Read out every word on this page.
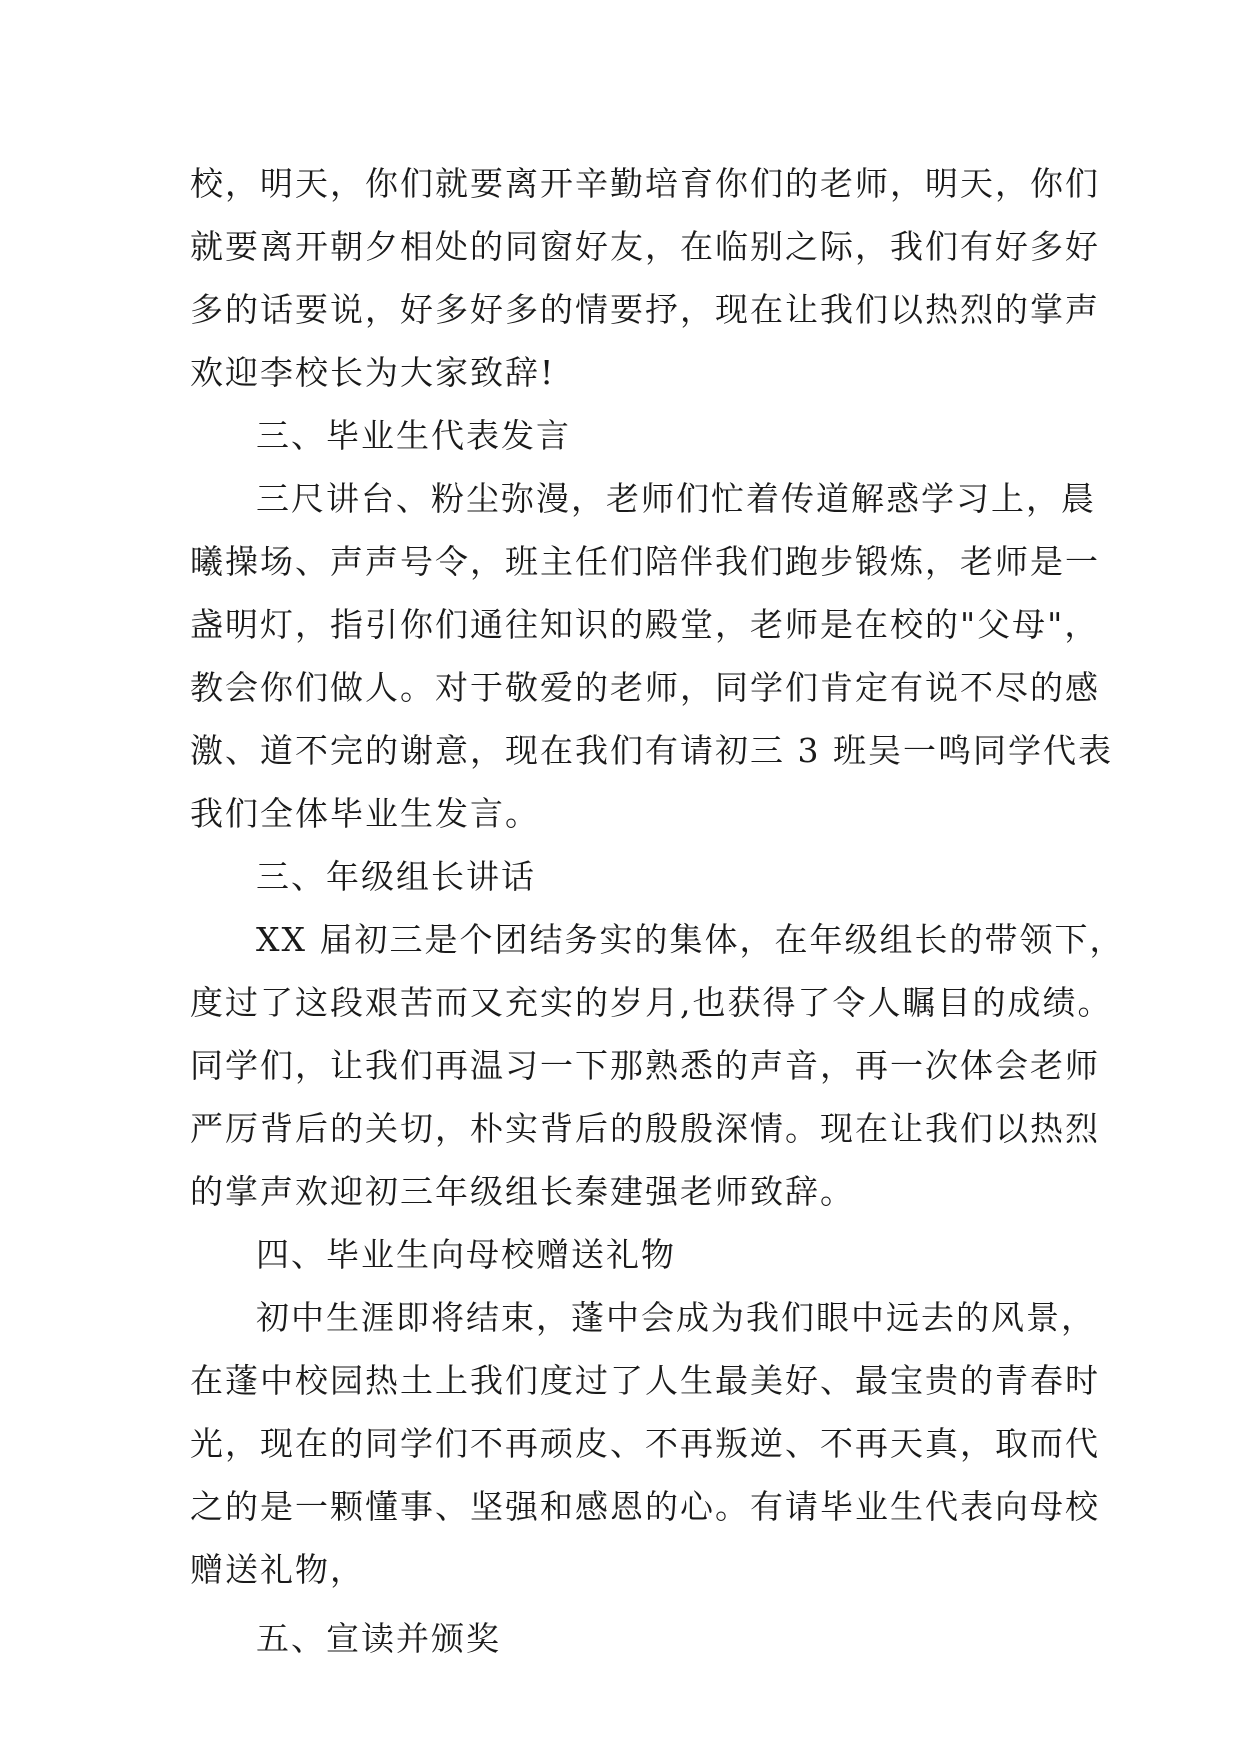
校，明天，你们就要离开辛勤培育你们的老师，明天，你们
就要离开朝夕相处的同窗好友，在临别之际，我们有好多好
多的话要说，好多好多的情要抒，现在让我们以热烈的掌声
欢迎李校长为大家致辞!
三、毕业生代表发言
三尺讲台、粉尘弥漫，老师们忙着传道解惑学习上，晨
曦操场、声声号令，班主任们陪伴我们跑步锻炼，老师是一
盏明灯，指引你们通往知识的殿堂，老师是在校的"父母"，
教会你们做人。对于敬爱的老师，同学们肯定有说不尽的感
激、道不完的谢意，现在我们有请初三 3 班吴一鸣同学代表
我们全体毕业生发言。
三、年级组长讲话
XX 届初三是个团结务实的集体，在年级组长的带领下，
度过了这段艰苦而又充实的岁月,也获得了令人瞩目的成绩。
同学们，让我们再温习一下那熟悉的声音，再一次体会老师
严厉背后的关切，朴实背后的殷殷深情。现在让我们以热烈
的掌声欢迎初三年级组长秦建强老师致辞。
四、毕业生向母校赠送礼物
初中生涯即将结束，蓬中会成为我们眼中远去的风景，
在蓬中校园热土上我们度过了人生最美好、最宝贵的青春时
光，现在的同学们不再顽皮、不再叛逆、不再天真，取而代
之的是一颗懂事、坚强和感恩的心。有请毕业生代表向母校
赠送礼物，
五、宣读并颁奖
